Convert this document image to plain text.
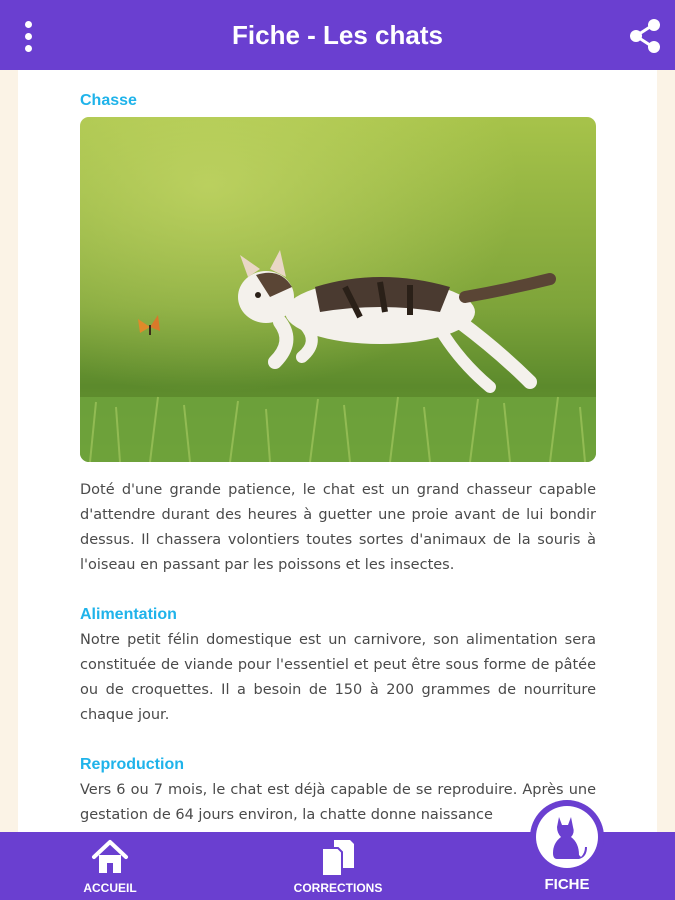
Fiche - Les chats
Chasse
Doté d'une grande patience, le chat est un grand chasseur capable d'attendre durant des heures à guetter une proie avant de lui bondir dessus. Il chassera volontiers toutes sortes d'animaux de la souris à l'oiseau en passant par les poissons et les insectes.
Alimentation
Notre petit félin domestique est un carnivore, son alimentation sera constituée de viande pour l'essentiel et peut être sous forme de pâtée ou de croquettes. Il a besoin de 150 à 200 grammes de nourriture chaque jour.
Reproduction
Vers 6 ou 7 mois, le chat est déjà capable de se reproduire. Après une gestation de 64 jours environ, la chatte donne naissance
ACCUEIL	CORRECTIONS	FICHE
